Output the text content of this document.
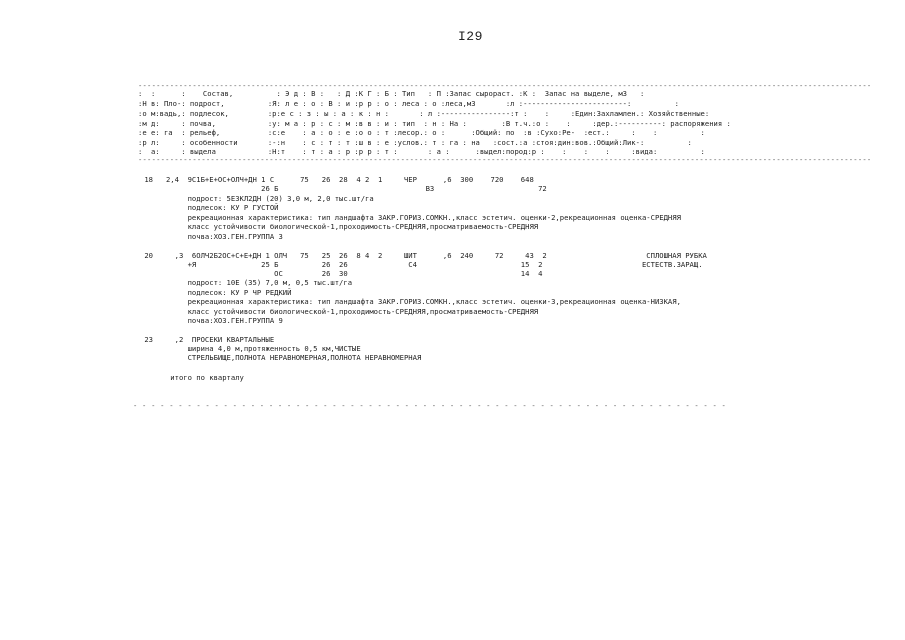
I29
------------------------------------------------------------------------------------------------------------------------------------------------------------------
:  :      :    Состав,          : Э д : В :   : Д :К Г : Б : Тип   : П :Запас сырораст. :К :  Запас на выделе, м3   :
:Н в: Пло-: подрост,          :Я: л е : о : В : и :р р : о : леса : о :леса,м3       :л :------------------------:          :
:о м:вадь,: подлесок,         :р:е с : з : ы : а : к : н :       : л :----------------:т :    :     :Един:Захламлен.: Хозяйственные:
:м д:     : почва,            :у: м а : р : с : м :в в : и : тип  : н : На :        :В т.ч.:о :    :     :дер.:----------: распоряжения :
:е е: га  : рельеф,           :с:е    : а : о : е :о о : т :лесор.: о :      :Общий: по  :в :Сухо:Ре-  :ест.:     :    :          :
:р л:     : особенности       :-:н    : с : т : т :ш в : е :услов.: т : га : на   :сост.:а :стоя:дин:вов.:Общий:Лик-:          :
:  а:     : выдела            :Н:т    : т : а : р :р р : т :       : а :      :выдел:пород:р :    :    :    :     :вида:          :
------------------------------------------------------------------------------------------------------------------------------------------------------------------
18   2,4  9С1Б+Е+ОС+ОЛЧ+ДН 1 С      75   26  28  4 2  1     ЧЕР      ,6  300    720    648
26 Б                                  В3                        72
подрост: 5Е3КЛ2ДН (20) 3,0 м, 2,0 тыс.шт/га
подлесок: КУ Р ГУСТОЙ
рекреационная характеристика: тип ландшафта ЗАКР.ГОРИЗ.СОМКН.,класс эстетич. оценки-2,рекреационная оценка-СРЕДНЯЯ
класс устойчивости биологической-1,проходимость-СРЕДНЯЯ,просматриваемость-СРЕДНЯЯ
почва:ХОЗ.ГЕН.ГРУППА 3
20     ,3  6ОЛЧ2Б2ОС+С+Е+ДН 1 ОЛЧ   75   25  26  8 4  2     ШИТ      ,6  240     72     43  2                       СПЛОШНАЯ РУБКА
+Я               25 Б          26  26              С4                        15  2                       ЕСТЕСТВ.ЗАРАЩ.
ОС         26  30                                        14  4
подрост: 10Е (35) 7,0 м, 0,5 тыс.шт/га
подлесок: КУ Р ЧР РЕДКИЙ
рекреационная характеристика: тип ландшафта ЗАКР.ГОРИЗ.СОМКН.,класс эстетич. оценки-3,рекреационная оценка-НИЗКАЯ,
класс устойчивости биологической-1,проходимость-СРЕДНЯЯ,просматриваемость-СРЕДНЯЯ
почва:ХОЗ.ГЕН.ГРУППА 9
23     ,2  ПРОСЕКИ КВАРТАЛЬНЫЕ
ширина 4,0 м,протяженность 0,5 км,ЧИСТЫЕ
СТРЕЛЬБИЩЕ,ПОЛНОТА НЕРАВНОМЕРНАЯ,ПОЛНОТА НЕРАВНОМЕРНАЯ
итого по кварталу
- - - - - - - - - - - - - - - - - - - - - - - - - - - - - - - - - - - - - - - - - - - - - - - - - - - - - - - - - - - - - - - - - -
